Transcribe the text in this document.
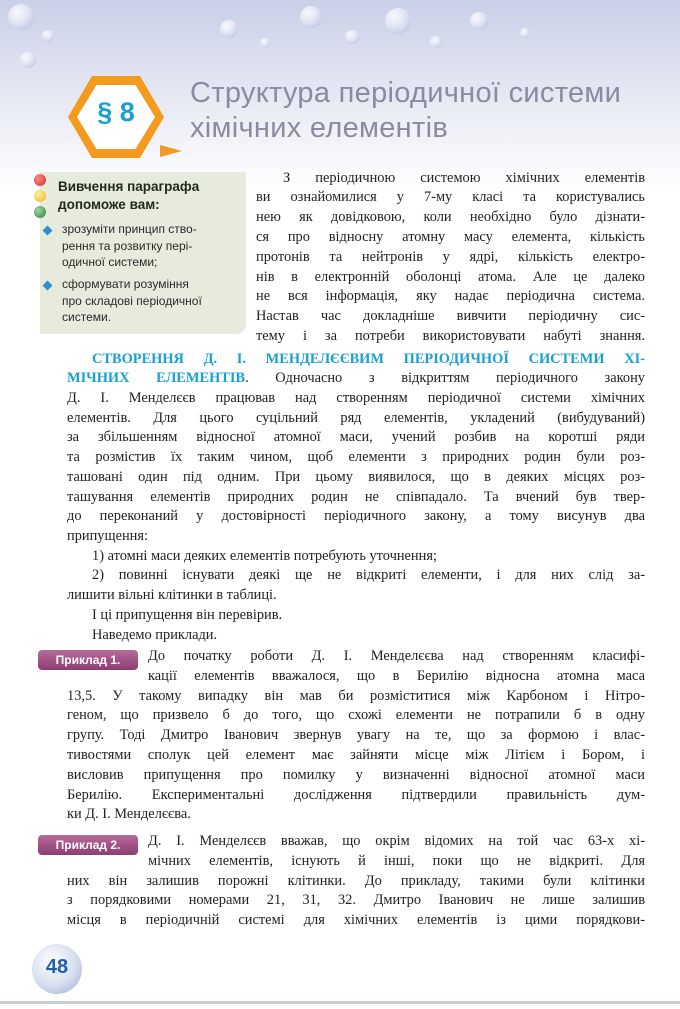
§ 8
Структура періодичної системи
хімічних елементів
Вивчення параграфа
допоможе вам:
зрозуміти принцип ство-
рення та розвитку пері-
одичної системи;
сформувати розуміння
про складові періодичної
системи.
З періодичною системою хімічних елементів
ви ознайомилися у 7-му класі та користувались
нею як довідковою, коли необхідно було дізнати-
ся про відносну атомну масу елемента, кількість
протонів та нейтронів у ядрі, кількість електро-
нів в електронній оболонці атома. Але це далеко
не вся інформація, яку надає періодична система.
Настав час докладніше вивчити періодичну сис-
тему і за потреби використовувати набуті знання.
СТВОРЕННЯ Д. І. МЕНДЕЛЄЄВИМ ПЕРІОДИЧНОЇ СИСТЕМИ ХІ-
МІЧНИХ ЕЛЕМЕНТІВ. Одночасно з відкриттям періодичного закону
Д. І. Менделєєв працював над створенням періодичної системи хімічних
елементів. Для цього суцільний ряд елементів, укладений (вибудуваний)
за збільшенням відносної атомної маси, учений розбив на коротші ряди
та розмістив їх таким чином, щоб елементи з природних родин були роз-
ташовані один під одним. При цьому виявилося, що в деяких місцях роз-
ташування елементів природних родин не співпадало. Та вчений був твер-
до переконаний у достовірності періодичного закону, а тому висунув два
припущення:
1) атомні маси деяких елементів потребують уточнення;
2) повинні існувати деякі ще не відкриті елементи, і для них слід за-
лишити вільні клітинки в таблиці.
І ці припущення він перевірив.
Наведемо приклади.
Приклад 1.	До початку роботи Д. І. Менделєєва над створенням класифі-
кації елементів вважалося, що в Берилію відносна атомна маса
13,5. У такому випадку він мав би розміститися між Карбоном і Нітро-
геном, що призвело б до того, що схожі елементи не потрапили б в одну
групу. Тоді Дмитро Іванович звернув увагу на те, що за формою і влас-
тивостями сполук цей елемент має зайняти місце між Літієм і Бором, і
висловив припущення про помилку у визначенні відносної атомної маси
Берилію. Експериментальні дослідження підтвердили правильність дум-
ки Д. І. Менделєєва.
Приклад 2.	Д. І. Менделєєв вважав, що окрім відомих на той час 63-х хі-
мічних елементів, існують й інші, поки що не відкриті. Для
них він залишив порожні клітинки. До прикладу, такими були клітинки
з порядковими номерами 21, 31, 32. Дмитро Іванович не лише залишив
місця в періодичній системі для хімічних елементів із цими порядкови-
48
